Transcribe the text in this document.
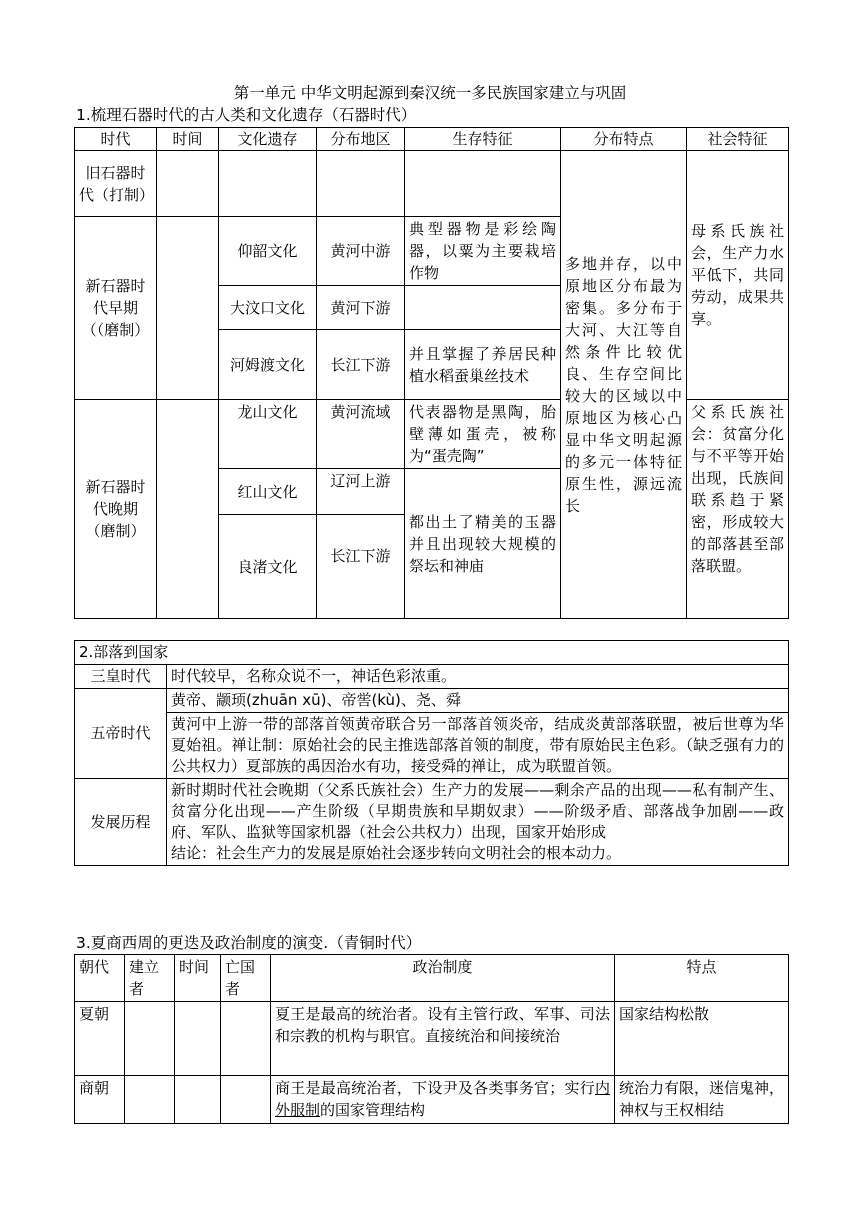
第一单元 中华文明起源到秦汉统一多民族国家建立与巩固
1.梳理石器时代的古人类和文化遗存（石器时代）
时代	时间	文化遗存	分布地区	生存特征	分布特点	社会特征
旧石器时代（打制）					多地并存，以中原地区分布最为密集。多分布于大河、大江等自然条件比较优良、生存空间比较大的区域以中原地区为核心凸显中华文明起源的多元一体特征原生性，源远流长	母系氏族社会，生产力水平低下，共同劳动，成果共享。
新石器时代早期（（磨制）		仰韶文化	黄河中游	典型器物是彩绘陶器，以粟为主要栽培作物		
		大汶口文化	黄河下游			
		河姆渡文化	长江下游	并且掌握了养居民种植水稻蚕巢丝技术		
新石器时代晚期（磨制）		龙山文化	黄河流域	代表器物是黑陶，胎壁薄如蛋壳，被称为“蛋壳陶”		父系氏族社会：贫富分化与不平等开始出现，氏族间联系趋于紧密，形成较大的部落甚至部落联盟。
		红山文化	辽河上游	都出土了精美的玉器并且出现较大规模的祭坛和神庙		
		良渚文化	长江下游			
2.部落到国家	
三皇时代	时代较早，名称众说不一，神话色彩浓重。
五帝时代	黄帝、颛顼(zhuān xū)、帝喾(kù)、尧、舜
黄河中上游一带的部落首领黄帝联合另一部落首领炎帝，结成炎黄部落联盟，被后世尊为华夏始祖。禅让制：原始社会的民主推选部落首领的制度，带有原始民主色彩。（缺乏强有力的公共权力）夏部族的禹因治水有功，接受舜的禅让，成为联盟首领。

发展历程	新时期时代社会晚期（父系氏族社会）生产力的发展——剩余产品的出现——私有制产生、贫富分化出现——产生阶级（早期贵族和早期奴隶）——阶级矛盾、部落战争加剧——政府、军队、监狱等国家机器（社会公共权力）出现，国家开始形成
结论：社会生产力的发展是原始社会逐步转向文明社会的根本动力。
3.夏商西周的更迭及政治制度的演变.（青铜时代）
朝代	建立者	时间	亡国者	政治制度	特点
夏朝				夏王是最高的统治者。设有主管行政、军事、司法和宗教的机构与职官。直接统治和间接统治	国家结构松散
商朝				商王是最高统治者，下设尹及各类事务官；实行内外服制的国家管理结构	统治力有限，迷信鬼神，神权与王权相结
